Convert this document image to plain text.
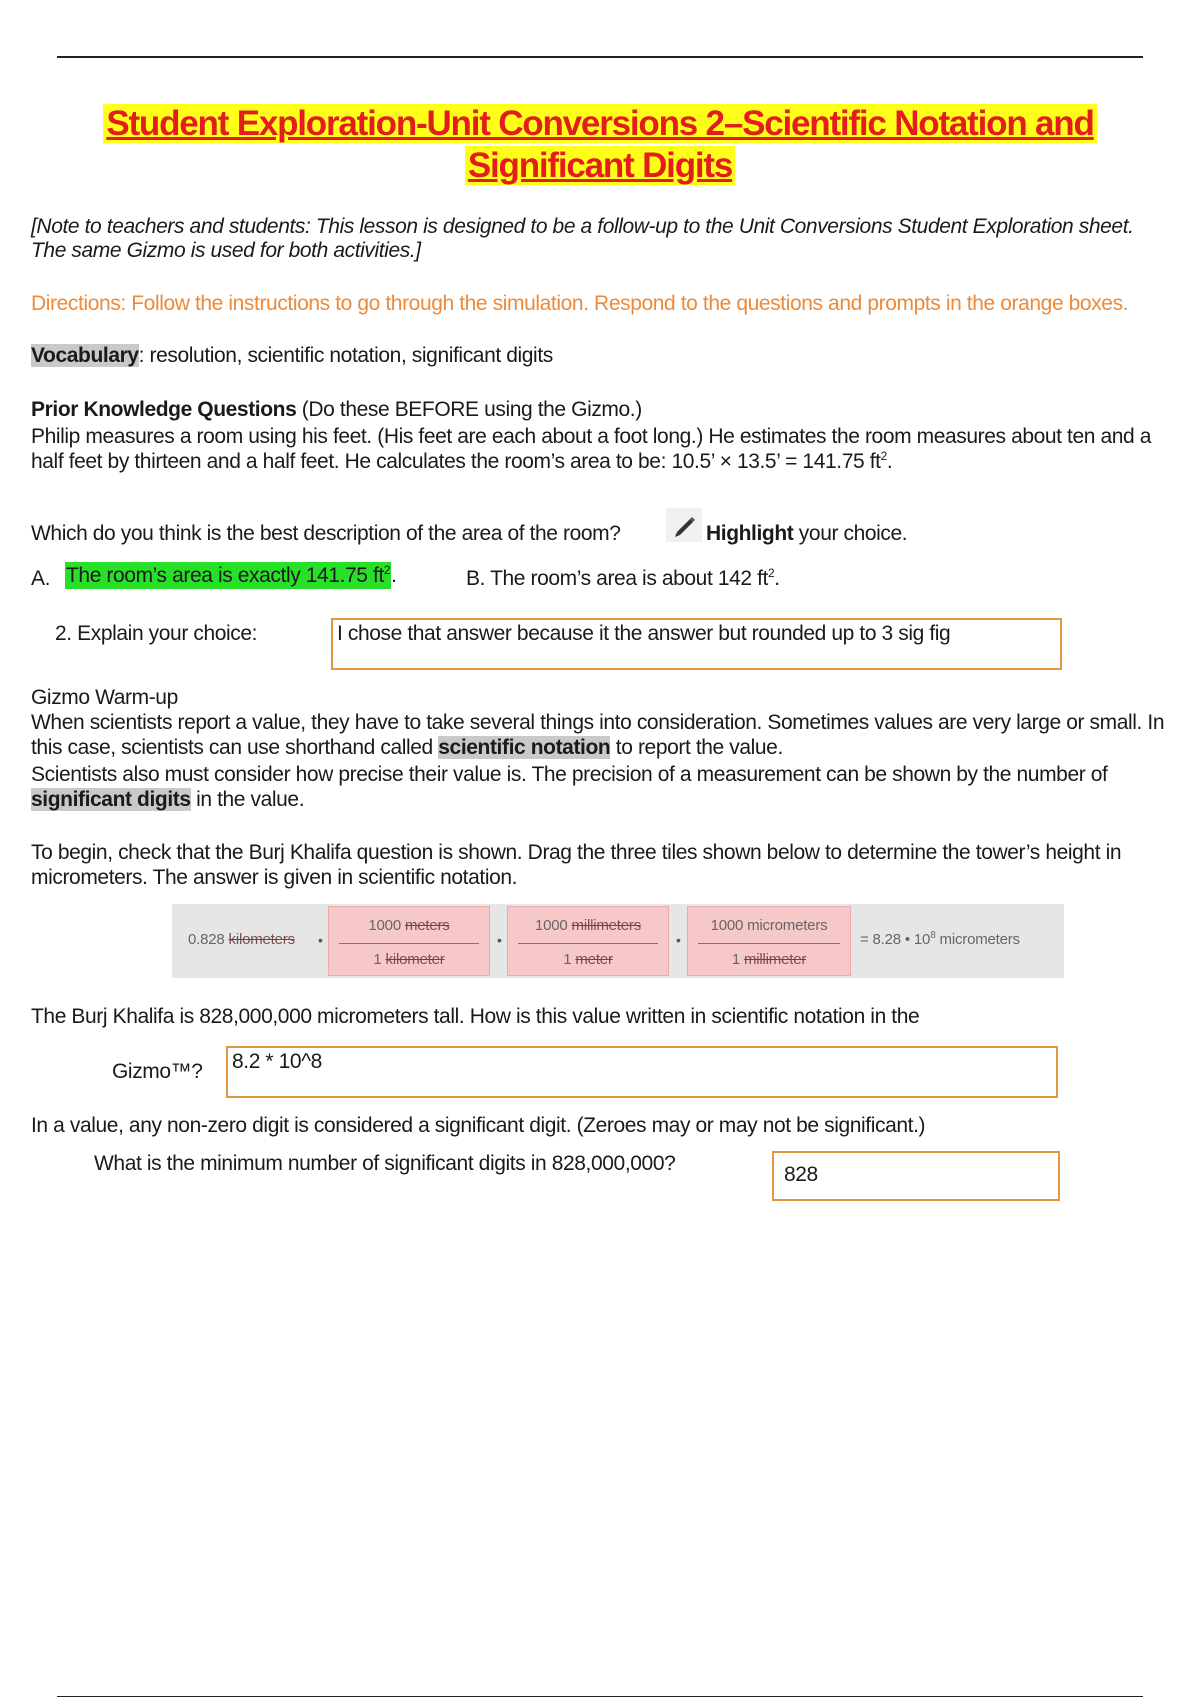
Student Exploration-Unit Conversions 2–Scientific Notation and
Significant Digits
[Note to teachers and students: This lesson is designed to be a follow-up to the Unit Conversions Student Exploration sheet.
The same Gizmo is used for both activities.]
Directions: Follow the instructions to go through the simulation. Respond to the questions and prompts in the orange boxes.
Vocabulary: resolution, scientific notation, significant digits
Prior Knowledge Questions (Do these BEFORE using the Gizmo.)
Philip measures a room using his feet. (His feet are each about a foot long.) He estimates the room measures about ten and a half feet by thirteen and a half feet. He calculates the room’s area to be: 10.5’ × 13.5’ = 141.75 $ft^2$.
Which do you think is the best description of the area of the room?	Highlight your choice.
A. The room’s area is exactly 141.75 $ft^2$.	B. The room’s area is about 142 $ft^2$.
2. Explain your choice:	I chose that answer because it the answer but rounded up to 3 sig fig
Gizmo Warm-up
When scientists report a value, they have to take several things into consideration. Sometimes values are very large or small. In this case, scientists can use shorthand called scientific notation to report the value.
Scientists also must consider how precise their value is. The precision of a measurement can be shown by the number of significant digits in the value.
To begin, check that the Burj Khalifa question is shown. Drag the three tiles shown below to determine the tower’s height in micrometers. The answer is given in scientific notation.
0.828 kilometers •
1000 meters
1 kilometer
•
1000 millimeters
1 meter
•
1000 micrometers
1 millimeter
= 8.28 • $10^8$ micrometers
The Burj Khalifa is 828,000,000 micrometers tall. How is this value written in scientific notation in the
Gizmo™? 8.2 * 10^8
In a value, any non-zero digit is considered a significant digit. (Zeroes may or may not be significant.)
What is the minimum number of significant digits in 828,000,000?	828
